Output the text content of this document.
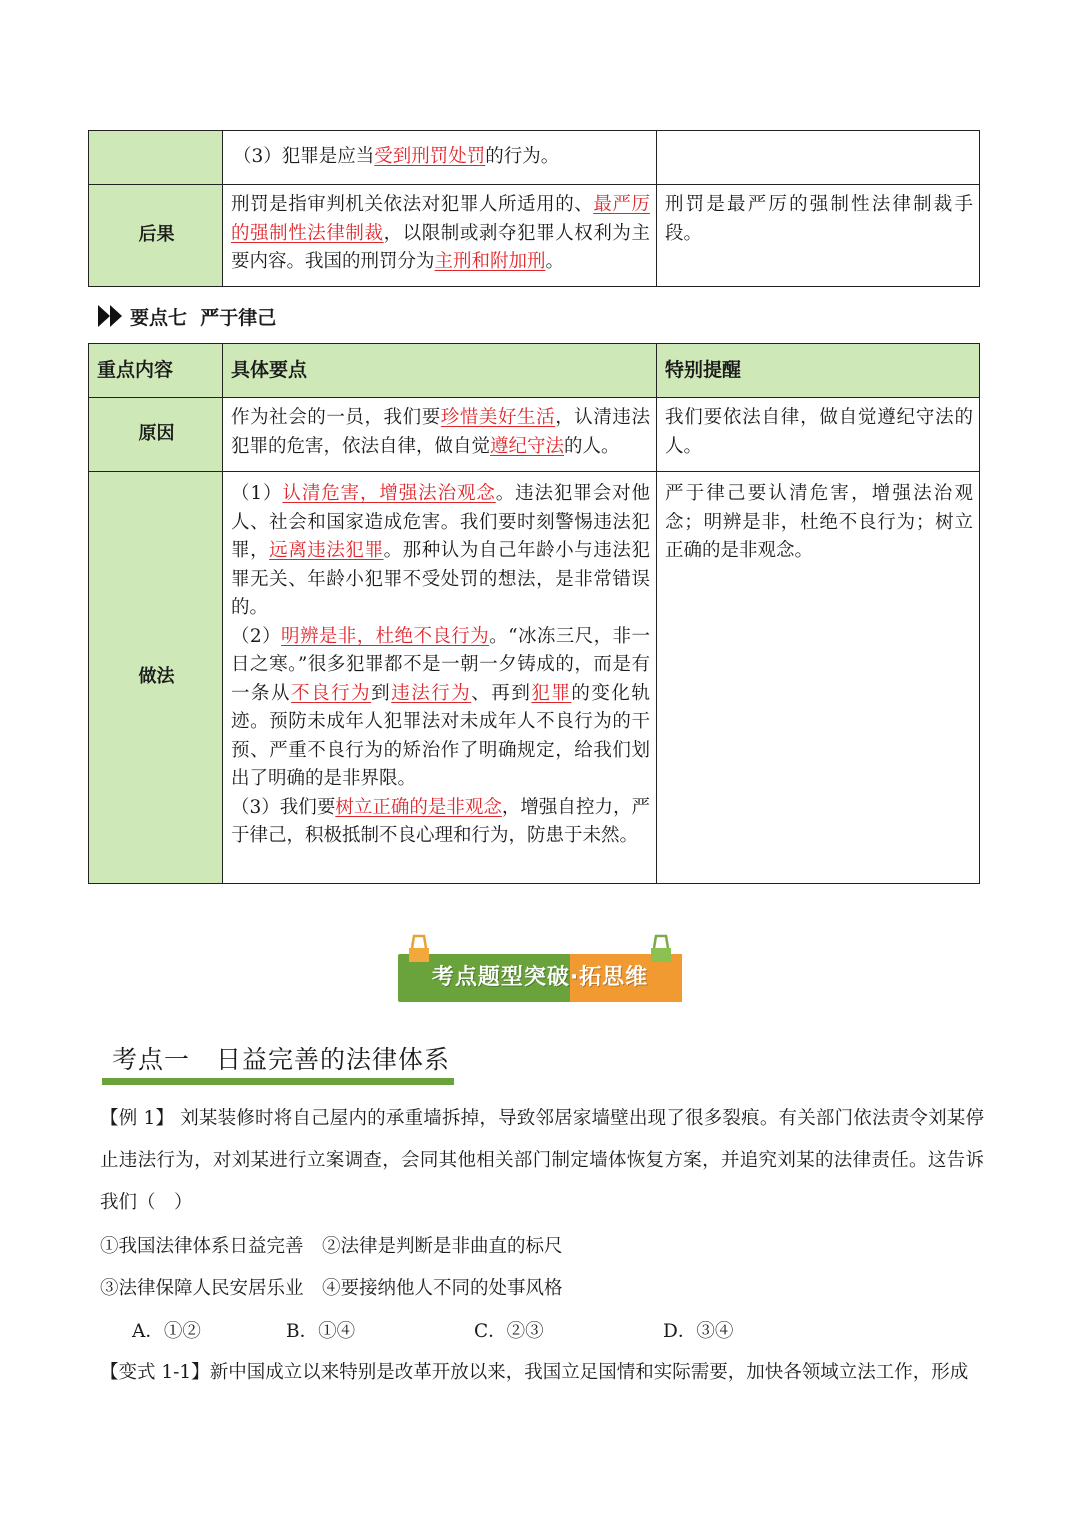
	（3）犯罪是应当受到刑罚处罚的行为。	
后果	刑罚是指审判机关依法对犯罪人所适用的、最严厉的强制性法律制裁，以限制或剥夺犯罪人权利为主要内容。我国的刑罚分为主刑和附加刑。	刑罚是最严厉的强制性法律制裁手段。
要点七  严于律己
重点内容	具体要点	特别提醒
原因	作为社会的一员，我们要珍惜美好生活，认清违法犯罪的危害，依法自律，做自觉遵纪守法的人。	我们要依法自律，做自觉遵纪守法的人。
做法	（1）认清危害，增强法治观念。违法犯罪会对他人、社会和国家造成危害。我们要时刻警惕违法犯罪，远离违法犯罪。那种认为自己年龄小与违法犯罪无关、年龄小犯罪不受处罚的想法，是非常错误的。
（2）明辨是非，杜绝不良行为。“冰冻三尺，非一日之寒。”很多犯罪都不是一朝一夕铸成的，而是有一条从不良行为到违法行为、再到犯罪的变化轨迹。预防未成年人犯罪法对未成年人不良行为的干预、严重不良行为的矫治作了明确规定，给我们划出了明确的是非界限。
（3）我们要树立正确的是非观念，增强自控力，严于律己，积极抵制不良心理和行为，防患于未然。	严于律己要认清危害，增强法治观念；明辨是非，杜绝不良行为；树立正确的是非观念。
考点题型突破·拓思维
考点一　日益完善的法律体系
【例 1】 刘某装修时将自己屋内的承重墙拆掉，导致邻居家墙壁出现了很多裂痕。有关部门依法责令刘某停止违法行为，对刘某进行立案调查，会同其他相关部门制定墙体恢复方案，并追究刘某的法律责任。这告诉我们（　）
①我国法律体系日益完善　②法律是判断是非曲直的标尺
③法律保障人民安居乐业　④要接纳他人不同的处事风格
A．①②	B．①④	C．②③	D．③④
【变式 1-1】新中国成立以来特别是改革开放以来，我国立足国情和实际需要，加快各领域立法工作，形成
